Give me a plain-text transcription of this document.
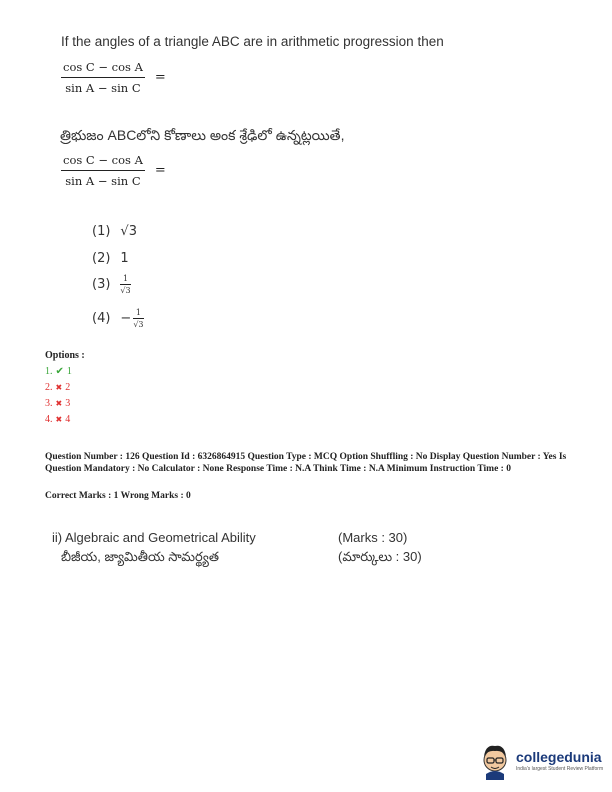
If the angles of a triangle ABC are in arithmetic progression then
$\frac{\text{cos C − cos A}}{\text{sin A − sin C}}$ =
త్రిభుజం ABCలోని కోణాలు అంక శ్రేఢిలో ఉన్నట్లయితే,
$\frac{\text{cos C − cos A}}{\text{sin A − sin C}}$ =
(1) √3
(2) 1
$(3) \frac{1}{√3}$
$(4) - \frac{1}{√3}$
Options :
1. ✔ 1
2. ✖ 2
3. ✖ 3
4. ✖ 4
Question Number : 126 Question Id : 6326864915 Question Type : MCQ Option Shuffling : No Display Question Number : Yes Is Question Mandatory : No Calculator : None Response Time : N.A Think Time : N.A Minimum Instruction Time : 0
Correct Marks : 1 Wrong Marks : 0
ii) Algebraic and Geometrical Ability
బీజీయ, జ్యామితీయ సామర్థ్యత
(Marks : 30)
(మార్కులు : 30)
collegedunia
India's largest Student Review Platform
